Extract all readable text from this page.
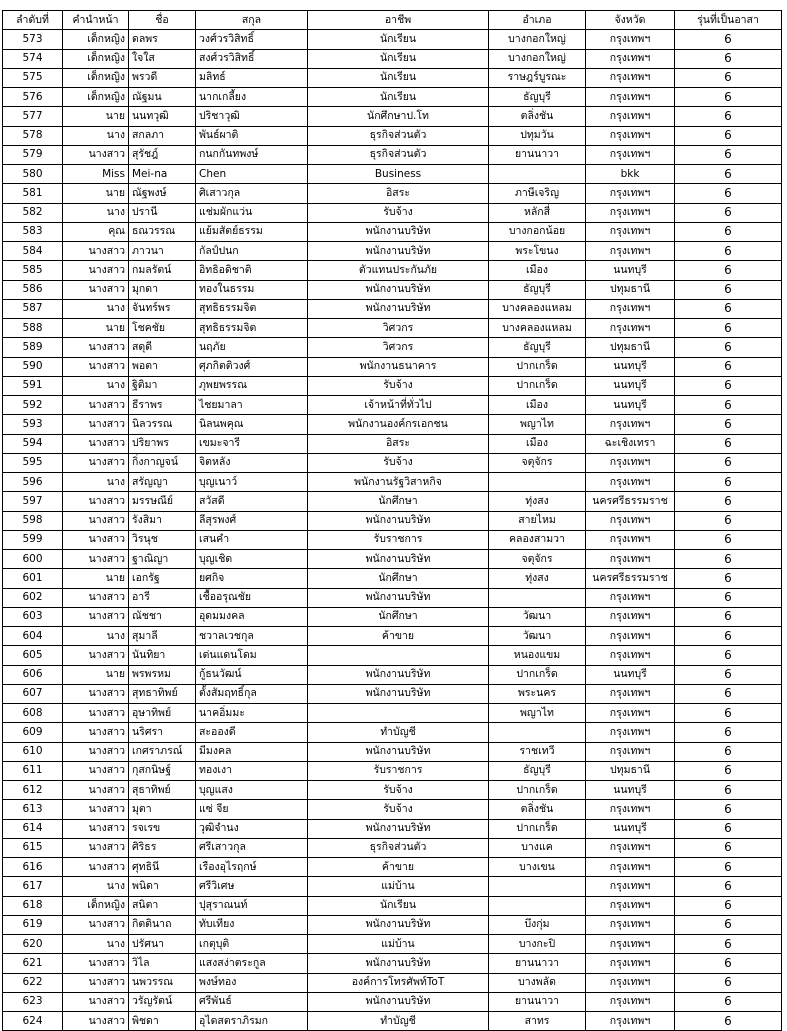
ลำดับที่	คำนำหน้า	ชื่อ	สกุล	อาชีพ	อำเภอ	จังหวัด	รุ่นที่เป็นอาสา
573	เด็กหญิง	ดลพร	วงศ์วรวิสิทธิ์	นักเรียน	บางกอกใหญ่	กรุงเทพฯ	6
574	เด็กหญิง	ใจใส	สงศ์วรวิสิทธิ์	นักเรียน	บางกอกใหญ่	กรุงเทพฯ	6
575	เด็กหญิง	พรวดี	มลิทธ์	นักเรียน	ราษฎร์บูรณะ	กรุงเทพฯ	6
576	เด็กหญิง	ณัฐมน	นากเกลี้ยง	นักเรียน	ธัญบุรี	กรุงเทพฯ	6
577	นาย	นนทวุฒิ	ปริชาวุฒิ	นักศึกษาป.โท	ตลิ่งชัน	กรุงเทพฯ	6
578	นาง	สกลภา	พันธ์ผาติ	ธุรกิจส่วนตัว	ปทุมวัน	กรุงเทพฯ	6
579	นางสาว	สุรัชฎ์	กนกกันทพงษ์	ธุรกิจส่วนตัว	ยานนาวา	กรุงเทพฯ	6
580	Miss	Mei-na	Chen	Business		bkk	6
581	นาย	ณัฐพงษ์	ศิเสาวกุล	อิสระ	ภาษีเจริญ	กรุงเทพฯ	6
582	นาง	ปรานี	แช่มผักแว่น	รับจ้าง	หลักสี่	กรุงเทพฯ	6
583	คุณ	ธณวรรณ	แย้มสัตย์ธรรม	พนักงานบริษัท	บางกอกน้อย	กรุงเทพฯ	6
584	นางสาว	ภาวนา	กัลป์ปนก	พนักงานบริษัท	พระโขนง	กรุงเทพฯ	6
585	นางสาว	กมลรัตน์	อิทธิอดิชาติ	ตัวแทนประกันภัย	เมือง	นนทบุรี	6
586	นางสาว	มุกดา	ทองในธรรม	พนักงานบริษัท	ธัญบุรี	ปทุมธานี	6
587	นาง	จันทร์พร	สุทธิธรรมจิต	พนักงานบริษัท	บางคลองแหลม	กรุงเทพฯ	6
588	นาย	โชคชัย	สุทธิธรรมจิต	วิศวกร	บางคลองแหลม	กรุงเทพฯ	6
589	นางสาว	สดุดี	นฤภัย	วิศวกร	ธัญบุรี	ปทุมธานี	6
590	นางสาว	พอตา	ศุภกิตติวงศ์	พนักงานธนาคาร	ปากเกร็ด	นนทบุรี	6
591	นาง	ฐิติมา	ภุพยพรรณ	รับจ้าง	ปากเกร็ด	นนทบุรี	6
592	นางสาว	ธีราพร	ไชยมาลา	เจ้าหน้าที่ทั่วไป	เมือง	นนทบุรี	6
593	นางสาว	นิลวรรณ	นิลนพคุณ	พนักงานองค์กรเอกชน	พญาไท	กรุงเทพฯ	6
594	นางสาว	ปริยาพร	เขมะจารี	อิสระ	เมือง	ฉะเชิงเทรา	6
595	นางสาว	กิ่งกาญจน์	จิตหลัง	รับจ้าง	จตุจักร	กรุงเทพฯ	6
596	นาง	สรัญญา	บุญเนาว์	พนักงานรัฐวิสาหกิจ		กรุงเทพฯ	6
597	นางสาว	มรรษณีย์	สวัสดี	นักศึกษา	ทุ่งสง	นครศรีธรรมราช	6
598	นางสาว	รังสิมา	ลีสุรพงศ์	พนักงานบริษัท	สายไหม	กรุงเทพฯ	6
599	นางสาว	วิรนุช	เสนคำ	รับราชการ	คลองสามวา	กรุงเทพฯ	6
600	นางสาว	ฐาณิญา	บุญเชิด	พนักงานบริษัท	จตุจักร	กรุงเทพฯ	6
601	นาย	เอกรัฐ	ยศกิจ	นักศึกษา	ทุ่งสง	นครศรีธรรมราช	6
602	นางสาว	อารี	เชื้ออรุณชัย	พนักงานบริษัท		กรุงเทพฯ	6
603	นางสาว	ณัชชา	อุดมมงคล	นักศึกษา	วัฒนา	กรุงเทพฯ	6
604	นาง	สุมาลี	ชวาลเวชกุล	ค้าขาย	วัฒนา	กรุงเทพฯ	6
605	นางสาว	นันทิยา	เด่นแดนโดม		หนองแขม	กรุงเทพฯ	6
606	นาย	พรพรหม	กู้ธนวัฒน์	พนักงานบริษัท	ปากเกร็ด	นนทบุรี	6
607	นางสาว	สุทธาทิพย์	ตั้งสัมฤทธิ์กุล	พนักงานบริษัท	พระนคร	กรุงเทพฯ	6
608	นางสาว	อุษาทิพย์	นาคอิ่มมะ		พญาไท	กรุงเทพฯ	6
609	นางสาว	นริศรา	สะอองดี	ทำบัญชี		กรุงเทพฯ	6
610	นางสาว	เกศราภรณ์	มีมงคล	พนักงานบริษัท	ราชเทวี	กรุงเทพฯ	6
611	นางสาว	กุสกนิษฐ์	ทองเงา	รับราชการ	ธัญบุรี	ปทุมธานี	6
612	นางสาว	สุธาทิพย์	บุญแสง	รับจ้าง	ปากเกร็ด	นนทบุรี	6
613	นางสาว	มุตา	แซ่ จีย	รับจ้าง	ตลิ่งชัน	กรุงเทพฯ	6
614	นางสาว	รจเรข	วุฒิจำนง	พนักงานบริษัท	ปากเกร็ด	นนทบุรี	6
615	นางสาว	ศิริธร	ศรีเสาวกุล	ธุรกิจส่วนตัว	บางแค	กรุงเทพฯ	6
616	นางสาว	ศุทธินี	เรืองอุไรฤกษ์	ค้าขาย	บางเขน	กรุงเทพฯ	6
617	นาง	พนิดา	ศรีวิเศษ	แม่บ้าน		กรุงเทพฯ	6
618	เด็กหญิง	สนิตา	ปุสุราณนท์	นักเรียน		กรุงเทพฯ	6
619	นางสาว	กิตตินาถ	ทับเทียง	พนักงานบริษัท	บึงกุ่ม	กรุงเทพฯ	6
620	นาง	ปรัศนา	เกตุบุติ	แม่บ้าน	บางกะปิ	กรุงเทพฯ	6
621	นางสาว	วิไล	แสงสง่าตระกูล	พนักงานบริษัท	ยานนาวา	กรุงเทพฯ	6
622	นางสาว	นพวรรณ	พงษ์ทอง	องค์การโทรศัพท์ToT	บางพลัด	กรุงเทพฯ	6
623	นางสาว	วรัญรัตน์	ศรีพันธ์	พนักงานบริษัท	ยานนาวา	กรุงเทพฯ	6
624	นางสาว	พิชดา	อุไดสตราภิรมก	ทำบัญชี	สาทร	กรุงเทพฯ	6
